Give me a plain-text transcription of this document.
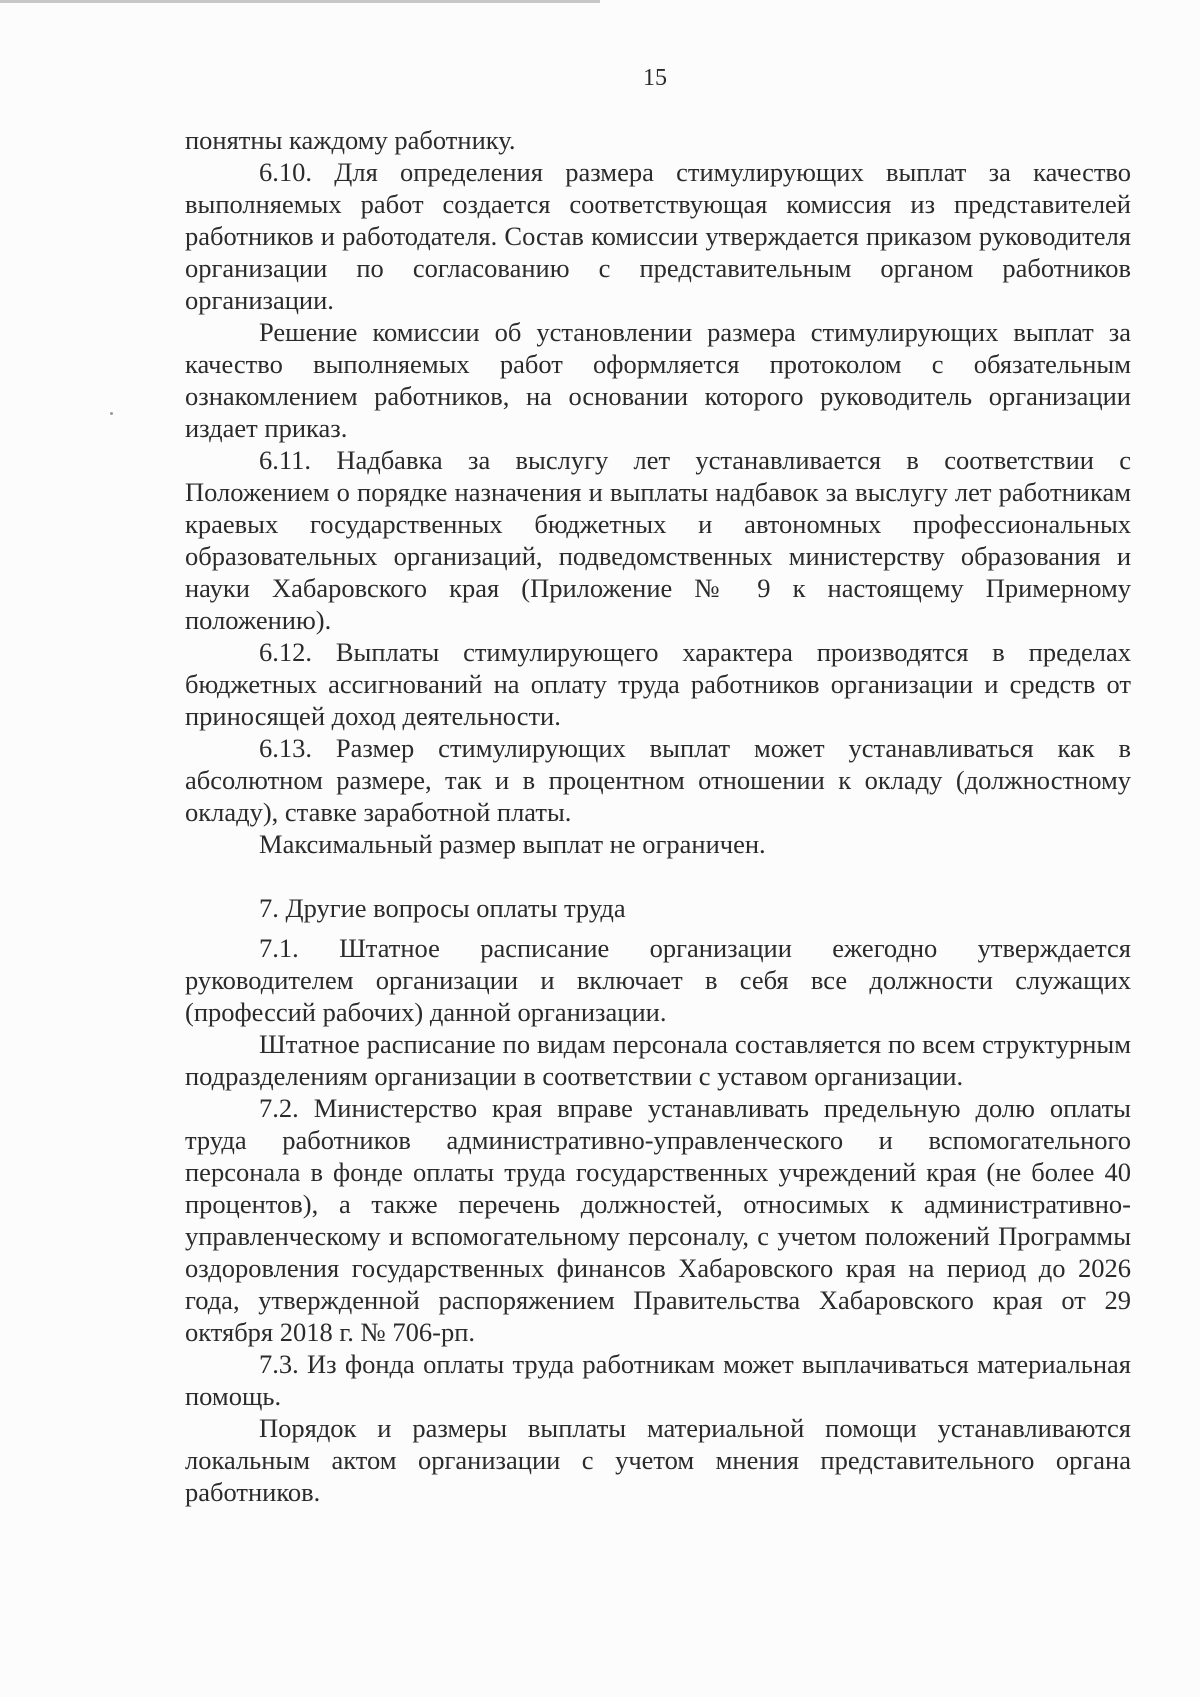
15

понятны каждому работнику.

6.10. Для определения размера стимулирующих выплат за качество выполняемых работ создается соответствующая комиссия из представителей работников и работодателя. Состав комиссии утверждается приказом руководителя организации по согласованию с представительным органом работников организации.

Решение комиссии об установлении размера стимулирующих выплат за качество выполняемых работ оформляется протоколом с обязательным ознакомлением работников, на основании которого руководитель организации издает приказ.

6.11. Надбавка за выслугу лет устанавливается в соответствии с Положением о порядке назначения и выплаты надбавок за выслугу лет работникам краевых государственных бюджетных и автономных профессиональных образовательных организаций, подведомственных министерству образования и науки Хабаровского края (Приложение № 9 к настоящему Примерному положению).

6.12. Выплаты стимулирующего характера производятся в пределах бюджетных ассигнований на оплату труда работников организации и средств от приносящей доход деятельности.

6.13. Размер стимулирующих выплат может устанавливаться как в абсолютном размере, так и в процентном отношении к окладу (должностному окладу), ставке заработной платы.

Максимальный размер выплат не ограничен.

7. Другие вопросы оплаты труда

7.1. Штатное расписание организации ежегодно утверждается руководителем организации и включает в себя все должности служащих (профессий рабочих) данной организации.

Штатное расписание по видам персонала составляется по всем структурным подразделениям организации в соответствии с уставом организации.

7.2. Министерство края вправе устанавливать предельную долю оплаты труда работников административно-управленческого и вспомогательного персонала в фонде оплаты труда государственных учреждений края (не более 40 процентов), а также перечень должностей, относимых к административно-управленческому и вспомогательному персоналу, с учетом положений Программы оздоровления государственных финансов Хабаровского края на период до 2026 года, утвержденной распоряжением Правительства Хабаровского края от 29 октября 2018 г. № 706-рп.

7.3. Из фонда оплаты труда работникам может выплачиваться материальная помощь.

Порядок и размеры выплаты материальной помощи устанавливаются локальным актом организации с учетом мнения представительного органа работников.
